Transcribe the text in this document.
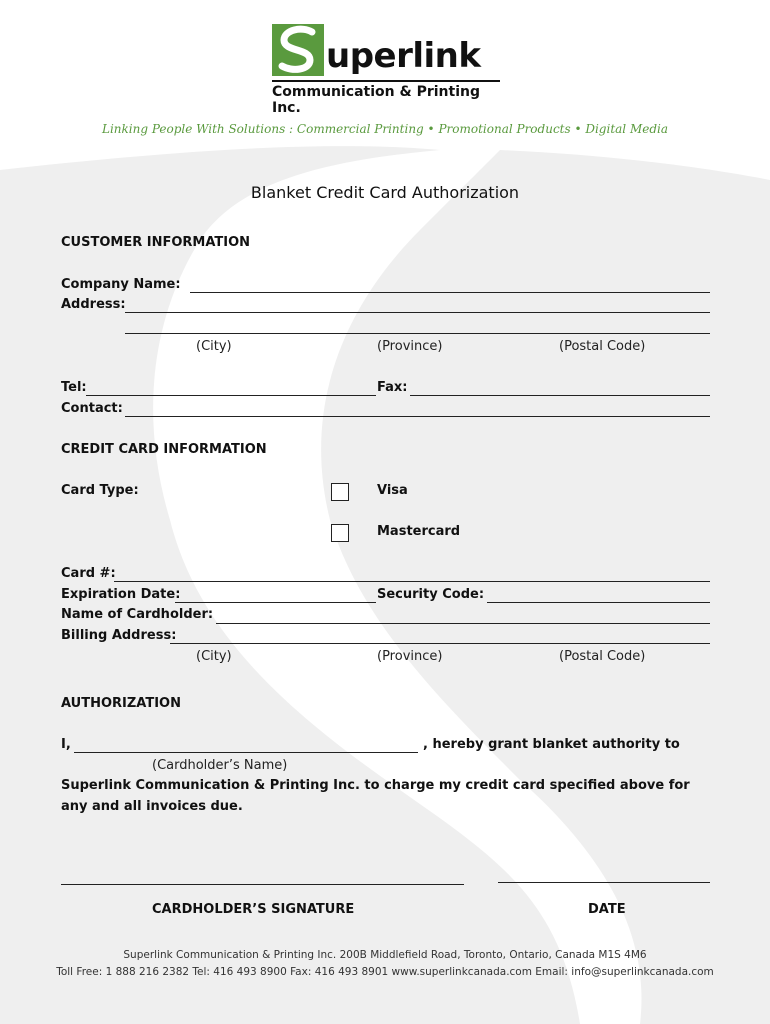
uperlink
Communication & Printing Inc.
Linking People With Solutions : Commercial Printing • Promotional Products • Digital Media
Blanket Credit Card Authorization
CUSTOMER INFORMATION
Company Name:
Address:
(City)	(Province)	(Postal Code)
Tel:	Fax:
Contact:
CREDIT CARD INFORMATION
Card Type:	Visa
Mastercard
Card #:
Expiration Date:	Security Code:
Name of Cardholder:
Billing Address:
(City)	(Province)	(Postal Code)
AUTHORIZATION
I,	, hereby grant blanket authority to
(Cardholder’s Name)
Superlink Communication & Printing Inc. to charge my credit card specified above for
any and all invoices due.
CARDHOLDER’S SIGNATURE	DATE
Superlink Communication & Printing Inc. 200B Middlefield Road, Toronto, Ontario, Canada M1S 4M6
Toll Free: 1 888 216 2382 Tel: 416 493 8900 Fax: 416 493 8901 www.superlinkcanada.com Email: info@superlinkcanada.com
